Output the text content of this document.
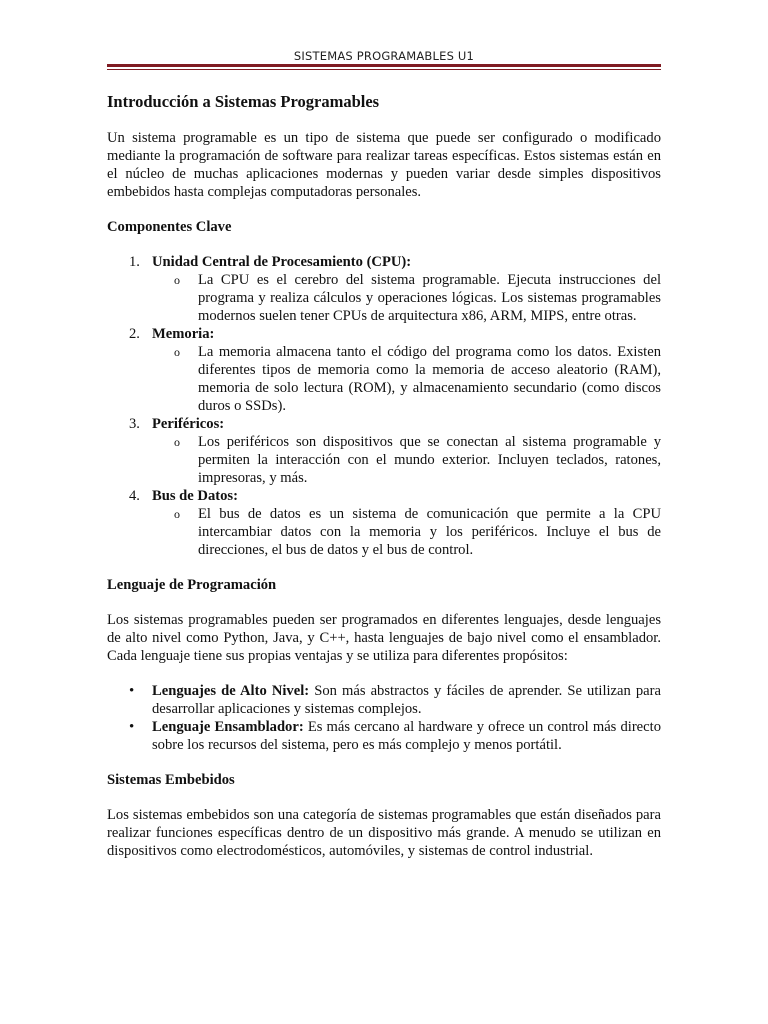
SISTEMAS PROGRAMABLES U1
Introducción a Sistemas Programables

Un sistema programable es un tipo de sistema que puede ser configurado o modificado mediante la programación de software para realizar tareas específicas. Estos sistemas están en el núcleo de muchas aplicaciones modernas y pueden variar desde simples dispositivos embebidos hasta complejas computadoras personales.

Componentes Clave
1. Unidad Central de Procesamiento (CPU):
o La CPU es el cerebro del sistema programable. Ejecuta instrucciones del programa y realiza cálculos y operaciones lógicas. Los sistemas programables modernos suelen tener CPUs de arquitectura x86, ARM, MIPS, entre otras.
2. Memoria:
o La memoria almacena tanto el código del programa como los datos. Existen diferentes tipos de memoria como la memoria de acceso aleatorio (RAM), memoria de solo lectura (ROM), y almacenamiento secundario (como discos duros o SSDs).
3. Periféricos:
o Los periféricos son dispositivos que se conectan al sistema programable y permiten la interacción con el mundo exterior. Incluyen teclados, ratones, impresoras, y más.
4. Bus de Datos:
o El bus de datos es un sistema de comunicación que permite a la CPU intercambiar datos con la memoria y los periféricos. Incluye el bus de direcciones, el bus de datos y el bus de control.
Lenguaje de Programación

Los sistemas programables pueden ser programados en diferentes lenguajes, desde lenguajes de alto nivel como Python, Java, y C++, hasta lenguajes de bajo nivel como el ensamblador. Cada lenguaje tiene sus propias ventajas y se utiliza para diferentes propósitos:

• Lenguajes de Alto Nivel: Son más abstractos y fáciles de aprender. Se utilizan para desarrollar aplicaciones y sistemas complejos.
• Lenguaje Ensamblador: Es más cercano al hardware y ofrece un control más directo sobre los recursos del sistema, pero es más complejo y menos portátil.
Sistemas Embebidos

Los sistemas embebidos son una categoría de sistemas programables que están diseñados para realizar funciones específicas dentro de un dispositivo más grande. A menudo se utilizan en dispositivos como electrodomésticos, automóviles, y sistemas de control industrial.
